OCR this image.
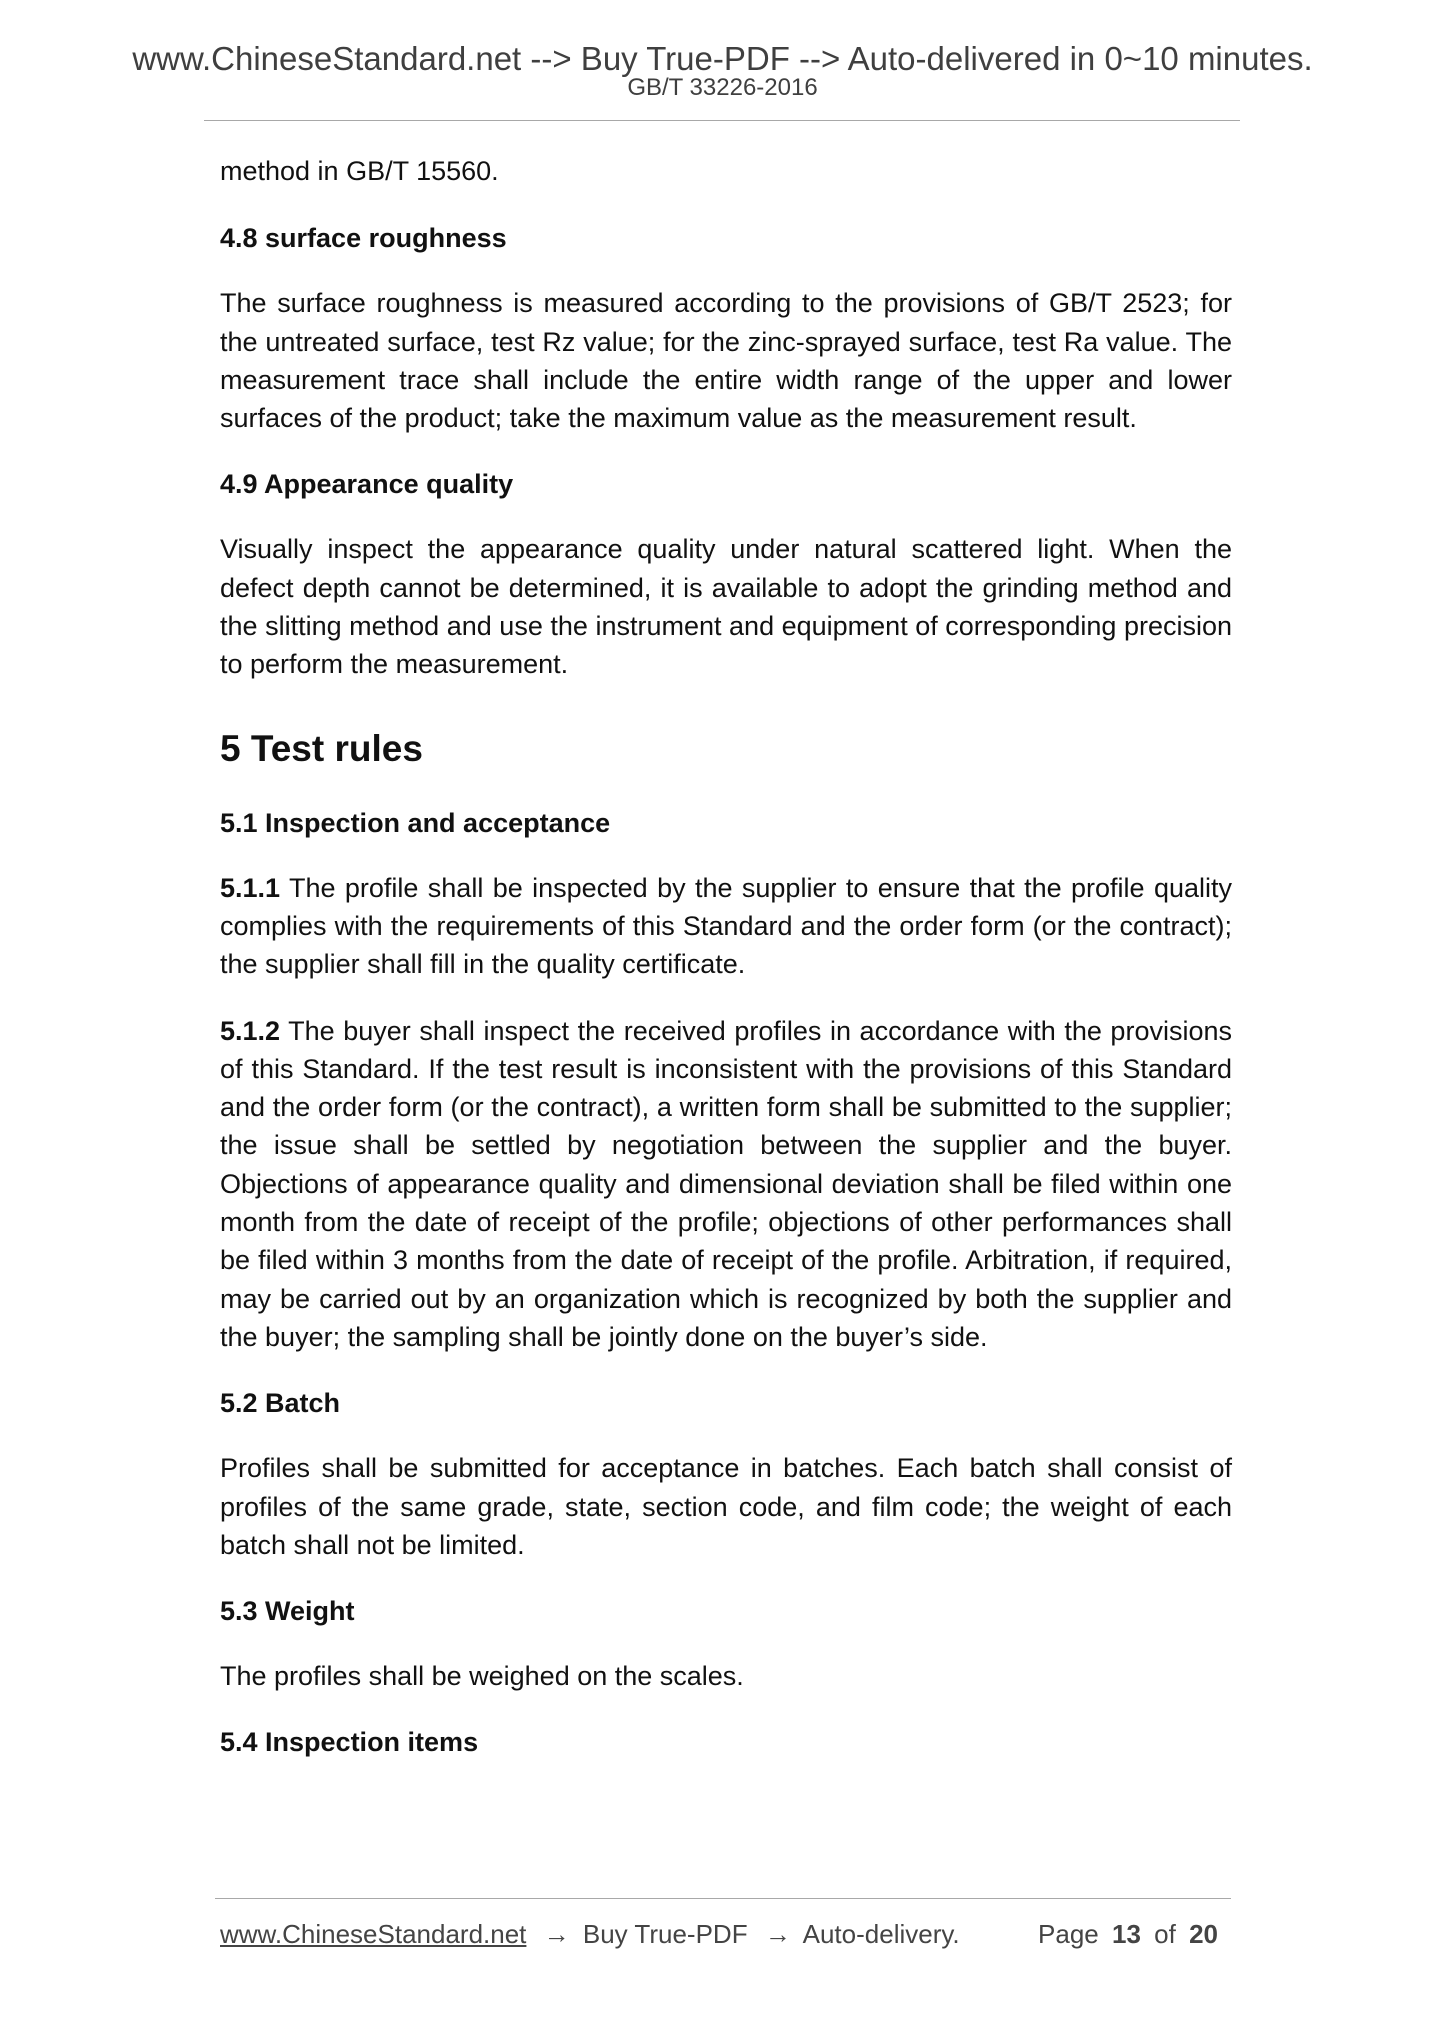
www.ChineseStandard.net --> Buy True-PDF --> Auto-delivered in 0~10 minutes.
GB/T 33226-2016

method in GB/T 15560.

4.8 surface roughness

The surface roughness is measured according to the provisions of GB/T 2523; for the untreated surface, test Rz value; for the zinc-sprayed surface, test Ra value. The measurement trace shall include the entire width range of the upper and lower surfaces of the product; take the maximum value as the measurement result.

4.9 Appearance quality

Visually inspect the appearance quality under natural scattered light. When the defect depth cannot be determined, it is available to adopt the grinding method and the slitting method and use the instrument and equipment of corresponding precision to perform the measurement.

5 Test rules
5.1 Inspection and acceptance

5.1.1 The profile shall be inspected by the supplier to ensure that the profile quality complies with the requirements of this Standard and the order form (or the contract); the supplier shall fill in the quality certificate.

5.1.2 The buyer shall inspect the received profiles in accordance with the provisions of this Standard. If the test result is inconsistent with the provisions of this Standard and the order form (or the contract), a written form shall be submitted to the supplier; the issue shall be settled by negotiation between the supplier and the buyer. Objections of appearance quality and dimensional deviation shall be filed within one month from the date of receipt of the profile; objections of other performances shall be filed within 3 months from the date of receipt of the profile. Arbitration, if required, may be carried out by an organization which is recognized by both the supplier and the buyer; the sampling shall be jointly done on the buyer’s side.

5.2 Batch

Profiles shall be submitted for acceptance in batches. Each batch shall consist of profiles of the same grade, state, section code, and film code; the weight of each batch shall not be limited.

5.3 Weight

The profiles shall be weighed on the scales.

5.4 Inspection items
www.ChineseStandard.net → Buy True-PDF → Auto-delivery.	Page 13 of 20
